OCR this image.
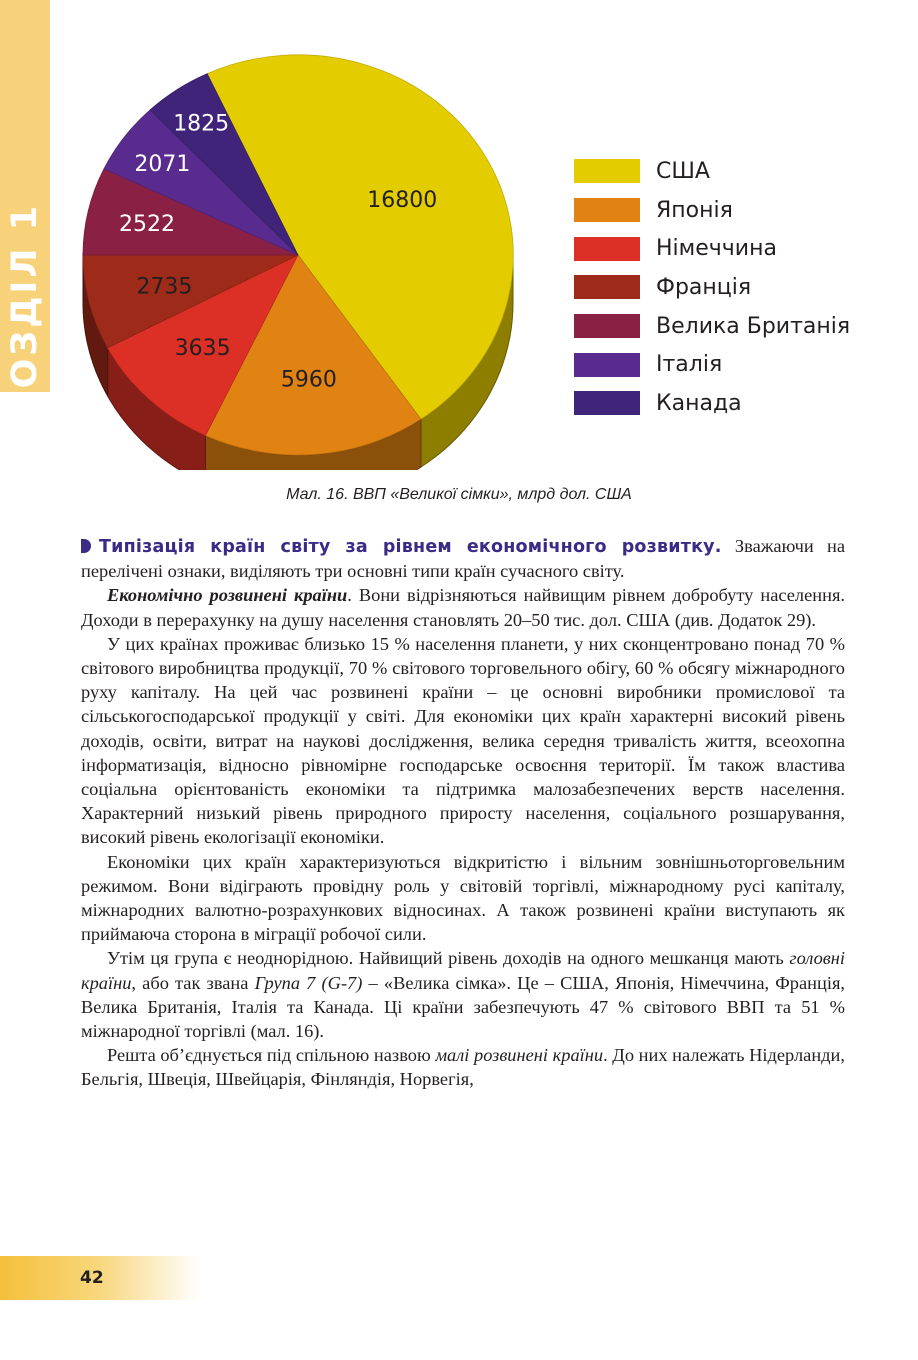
РОЗДІЛ 1
16800
5960
3635
2735
2522
2071
1825
США
Японія
Німеччина
Франція
Велика Британія
Італія
Канада
Мал. 16. ВВП «Великої сімки», млрд дол. США

Типізація країн світу за рівнем економічного розвитку. Зважаючи на перелічені ознаки, виділяють три основні типи країн сучасного світу.

Економічно розвинені країни. Вони відрізняються найвищим рівнем добробуту населення. Доходи в перерахунку на душу населення становлять 20–50 тис. дол. США (див. Додаток 29).

У цих країнах проживає близько 15 % населення планети, у них сконцентровано понад 70 % світового виробництва продукції, 70 % світового торговельного обігу, 60 % обсягу міжнародного руху капіталу. На цей час розвинені країни – це основні виробники промислової та сільськогосподарської продукції у світі. Для економіки цих країн характерні високий рівень доходів, освіти, витрат на наукові дослідження, велика середня тривалість життя, всеохопна інформатизація, відносно рівномірне господарське освоєння території. Їм також властива соціальна орієнтованість економіки та підтримка малозабезпечених верств населення. Характерний низький рівень природного приросту населення, соціального розшарування, високий рівень екологізації економіки.

Економіки цих країн характеризуються відкритістю і вільним зовнішньоторговельним режимом. Вони відіграють провідну роль у світовій торгівлі, міжнародному русі капіталу, міжнародних валютно-розрахункових відносинах. А також розвинені країни виступають як приймаюча сторона в міграції робочої сили.

Утім ця група є неоднорідною. Найвищий рівень доходів на одного мешканця мають головні країни, або так звана Група 7 (G-7) – «Велика сімка». Це – США, Японія, Німеччина, Франція, Велика Британія, Італія та Канада. Ці країни забезпечують 47 % світового ВВП та 51 % міжнародної торгівлі (мал. 16).

Решта об’єднується під спільною назвою малі розвинені країни. До них належать Нідерланди, Бельгія, Швеція, Швейцарія, Фінляндія, Норвегія,

42
